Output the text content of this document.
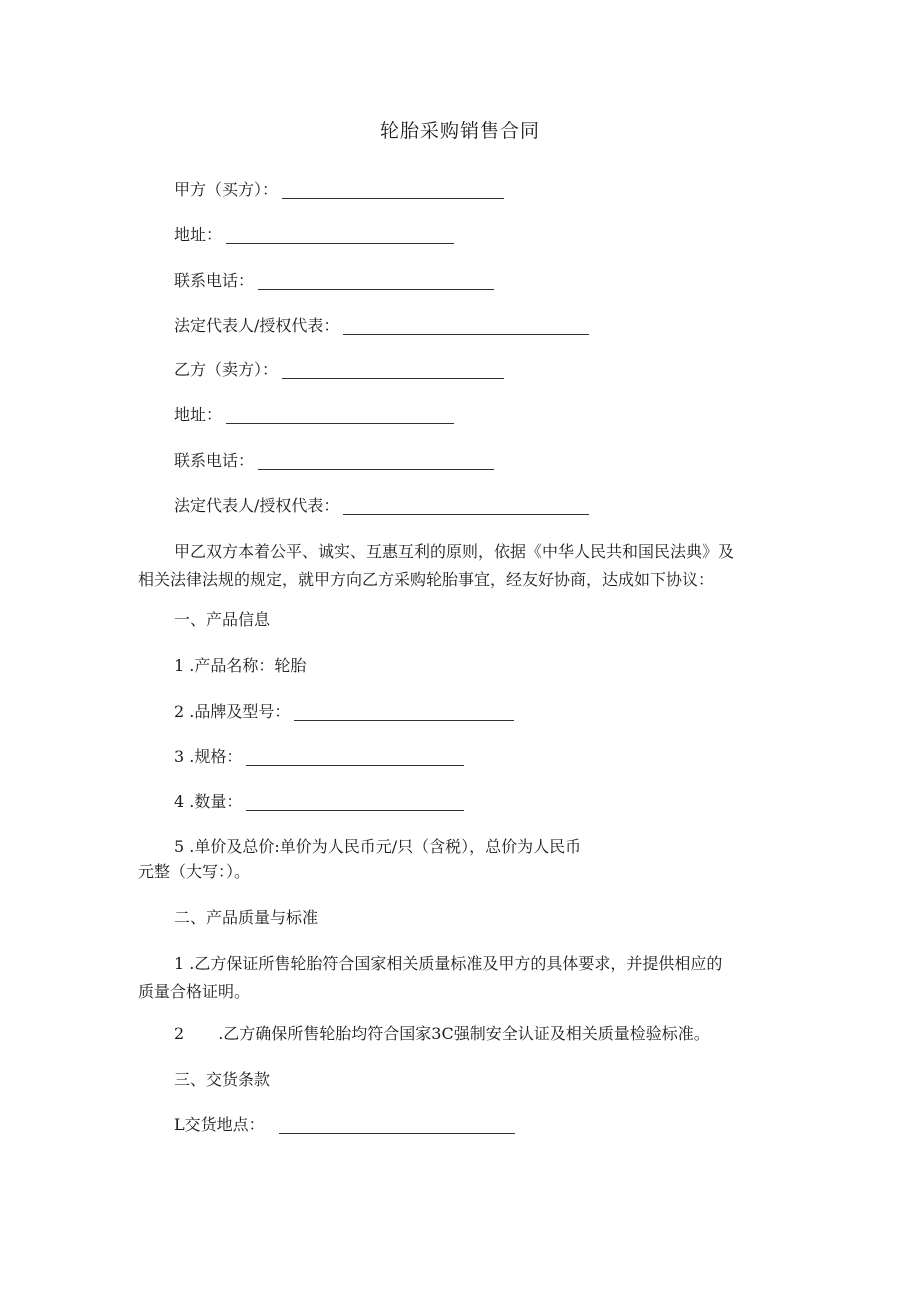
轮胎采购销售合同
甲方（买方）：
地址：
联系电话：
法定代表人/授权代表：
乙方（卖方）：
地址：
联系电话：
法定代表人/授权代表：
甲乙双方本着公平、诚实、互惠互利的原则，依据《中华人民共和国民法典》及相关法律法规的规定，就甲方向乙方采购轮胎事宜，经友好协商，达成如下协议：
一、产品信息
1 .产品名称：轮胎
2 .品牌及型号：
3 .规格：
4 .数量：
5 .单价及总价:单价为人民币元/只（含税），总价为人民币
元整（大写：）。
二、产品质量与标准
1 .乙方保证所售轮胎符合国家相关质量标准及甲方的具体要求，并提供相应的质量合格证明。
2 .乙方确保所售轮胎均符合国家3C强制安全认证及相关质量检验标准。
三、交货条款
L交货地点：
